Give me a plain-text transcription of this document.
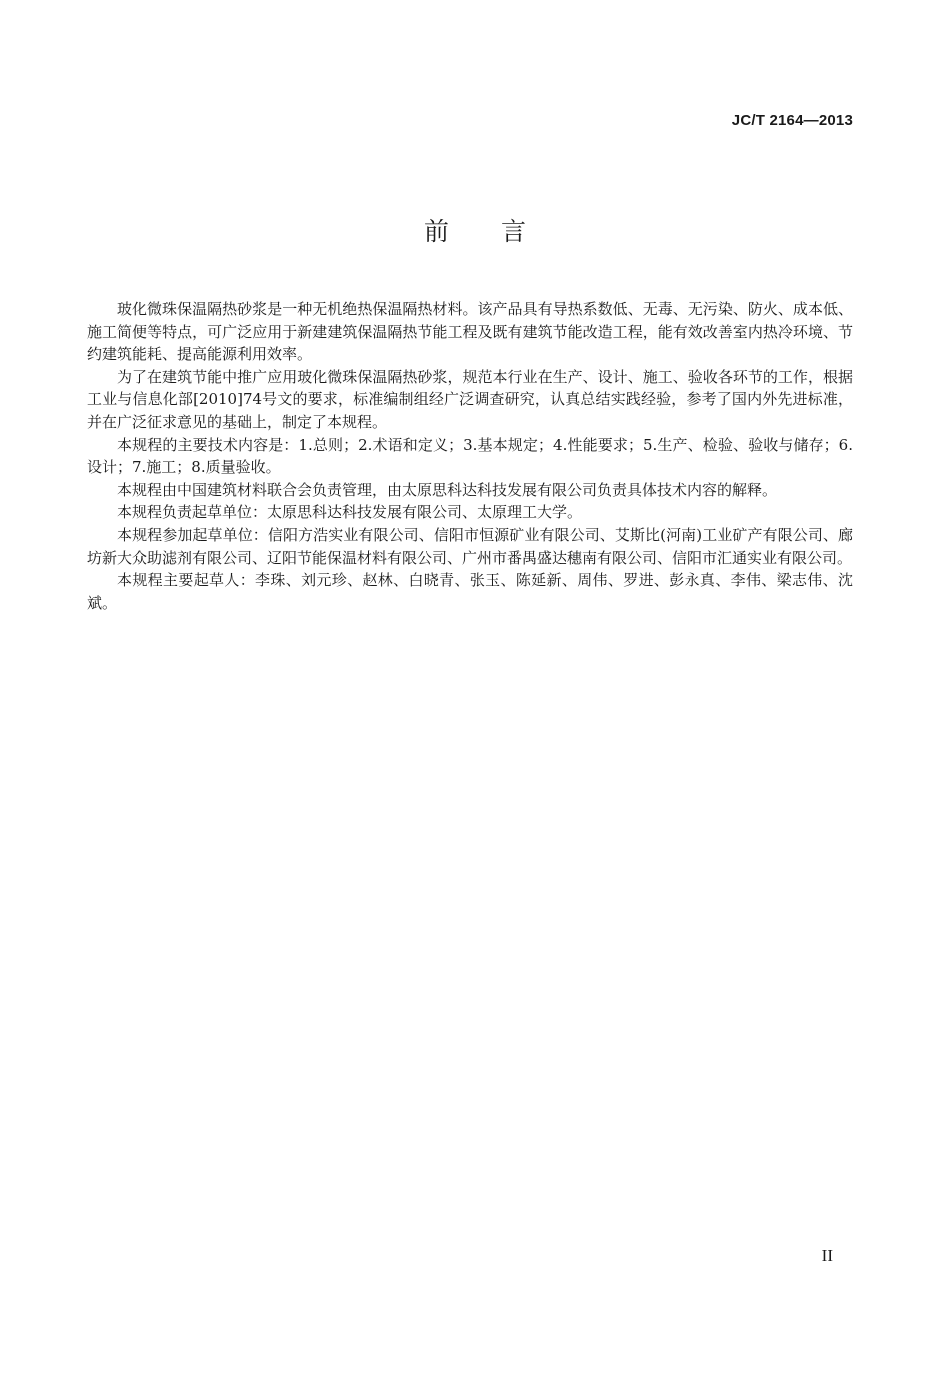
JC/T 2164—2013
前言

玻化微珠保温隔热砂浆是一种无机绝热保温隔热材料。该产品具有导热系数低、无毒、无污染、防火、成本低、施工简便等特点，可广泛应用于新建建筑保温隔热节能工程及既有建筑节能改造工程，能有效改善室内热冷环境、节约建筑能耗、提高能源利用效率。

为了在建筑节能中推广应用玻化微珠保温隔热砂浆，规范本行业在生产、设计、施工、验收各环节的工作，根据工业与信息化部[2010]74号文的要求，标准编制组经广泛调查研究，认真总结实践经验，参考了国内外先进标准，并在广泛征求意见的基础上，制定了本规程。

本规程的主要技术内容是：1.总则；2.术语和定义；3.基本规定；4.性能要求；5.生产、检验、验收与储存；6.设计；7.施工；8.质量验收。

本规程由中国建筑材料联合会负责管理，由太原思科达科技发展有限公司负责具体技术内容的解释。

本规程负责起草单位：太原思科达科技发展有限公司、太原理工大学。

本规程参加起草单位：信阳方浩实业有限公司、信阳市恒源矿业有限公司、艾斯比(河南)工业矿产有限公司、廊坊新大众助滤剂有限公司、辽阳节能保温材料有限公司、广州市番禺盛达穗南有限公司、信阳市汇通实业有限公司。

本规程主要起草人：李珠、刘元珍、赵林、白晓青、张玉、陈延新、周伟、罗进、彭永真、李伟、梁志伟、沈斌。

II
